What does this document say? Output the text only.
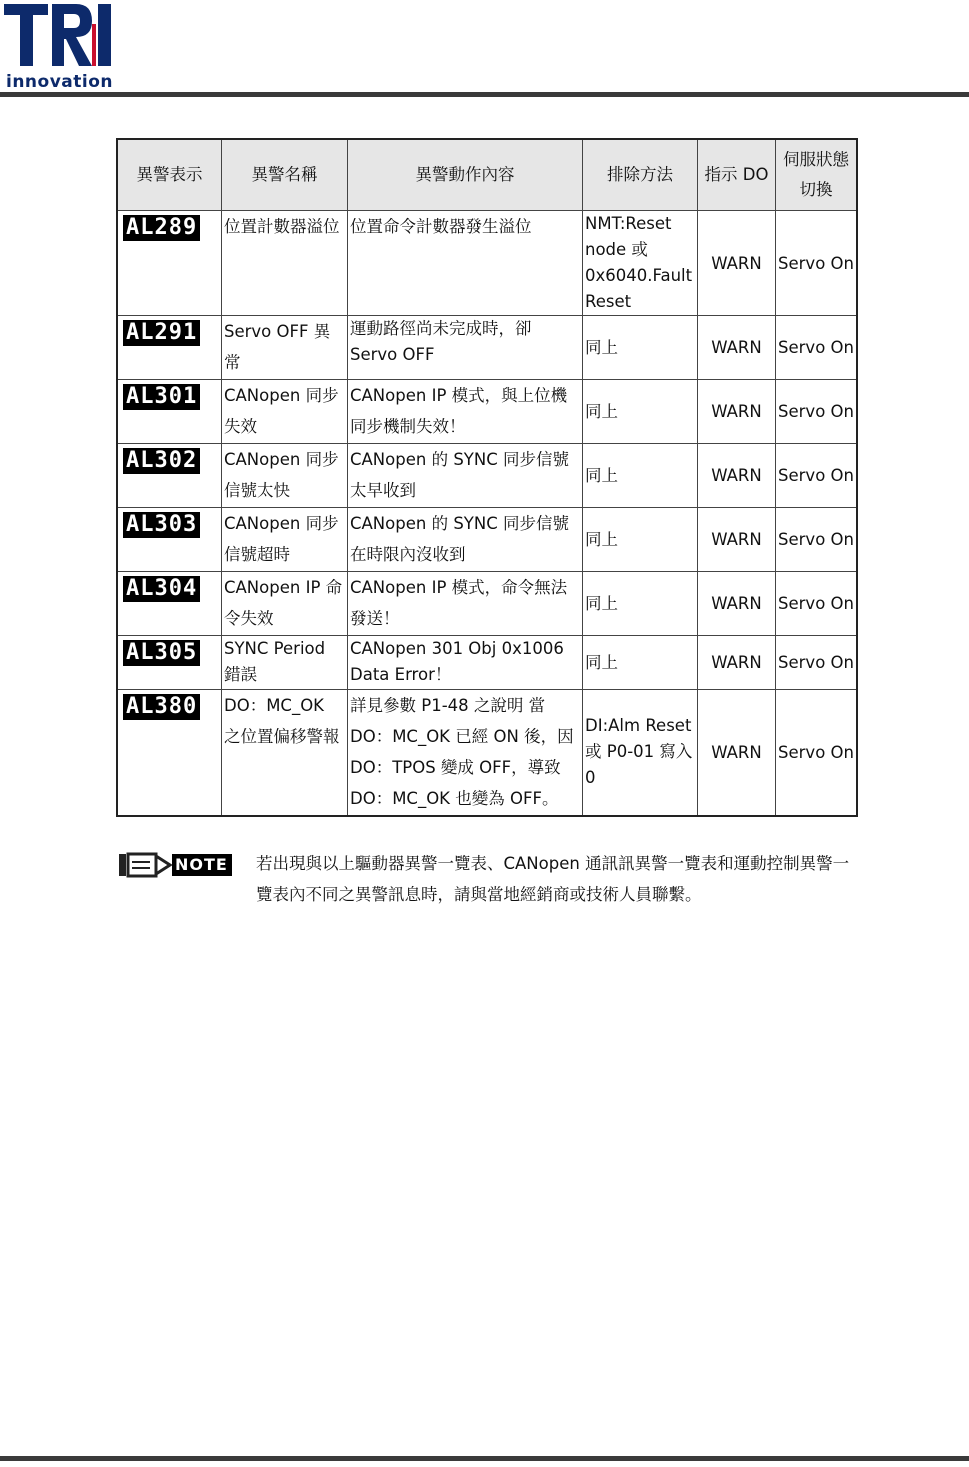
innovation
異警表示	異警名稱	異警動作內容	排除方法	指示 DO	伺服狀態切換
AL289	位置計數器溢位	位置命令計數器發生溢位	NMT:Reset node 或 0x6040.Fault Reset	WARN	Servo On
AL291	Servo OFF 異常	運動路徑尚未完成時，卻 Servo OFF	同上	WARN	Servo On
AL301	CANopen 同步失效	CANopen IP 模式，與上位機同步機制失效！	同上	WARN	Servo On
AL302	CANopen 同步信號太快	CANopen 的 SYNC 同步信號太早收到	同上	WARN	Servo On
AL303	CANopen 同步信號超時	CANopen 的 SYNC 同步信號在時限內沒收到	同上	WARN	Servo On
AL304	CANopen IP 命令失效	CANopen IP 模式，命令無法發送！	同上	WARN	Servo On
AL305	SYNC Period 錯誤	CANopen 301 Obj 0x1006 Data Error！	同上	WARN	Servo On
AL380	DO：MC_OK 之位置偏移警報	詳見參數 P1-48 之說明 當 DO：MC_OK 已經 ON 後，因 DO：TPOS 變成 OFF，導致 DO：MC_OK 也變為 OFF。	DI:Alm Reset 或 P0-01 寫入 0	WARN	Servo On
NOTE 若出現與以上驅動器異警一覽表、CANopen 通訊訊異警一覽表和運動控制異警一覽表內不同之異警訊息時，請與當地經銷商或技術人員聯繫。
